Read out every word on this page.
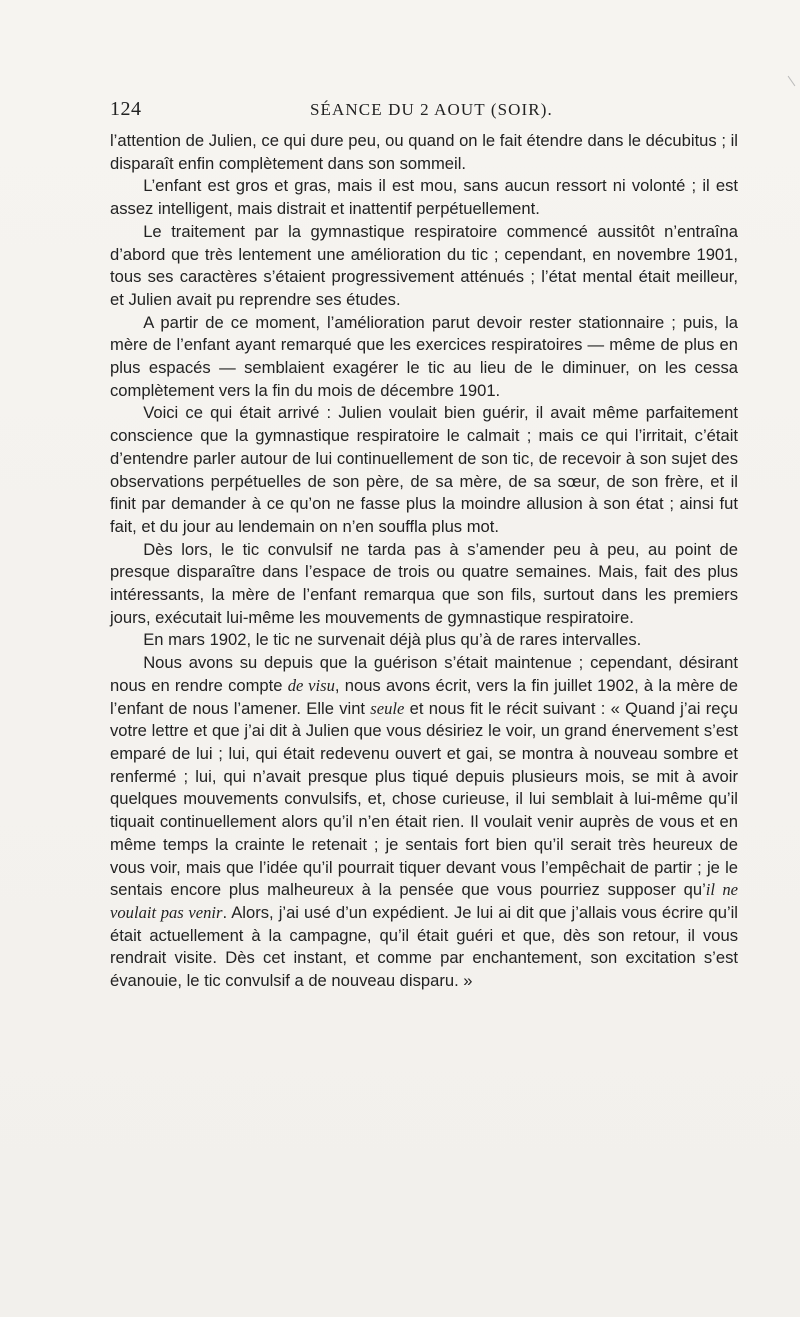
124	SÉANCE DU 2 AOUT (SOIR).

l’attention de Julien, ce qui dure peu, ou quand on le fait étendre dans le décubitus ; il disparaît enfin complètement dans son sommeil.

L’enfant est gros et gras, mais il est mou, sans aucun ressort ni volonté ; il est assez intelligent, mais distrait et inattentif perpétuellement.

Le traitement par la gymnastique respiratoire commencé aussitôt n’entraîna d’abord que très lentement une amélioration du tic ; cependant, en novembre 1901, tous ses caractères s’étaient progressivement atténués ; l’état mental était meilleur, et Julien avait pu reprendre ses études.

A partir de ce moment, l’amélioration parut devoir rester stationnaire ; puis, la mère de l’enfant ayant remarqué que les exercices respiratoires — même de plus en plus espacés — semblaient exagérer le tic au lieu de le diminuer, on les cessa complètement vers la fin du mois de décembre 1901.

Voici ce qui était arrivé : Julien voulait bien guérir, il avait même parfaitement conscience que la gymnastique respiratoire le calmait ; mais ce qui l’irritait, c’était d’entendre parler autour de lui continuellement de son tic, de recevoir à son sujet des observations perpétuelles de son père, de sa mère, de sa sœur, de son frère, et il finit par demander à ce qu’on ne fasse plus la moindre allusion à son état ; ainsi fut fait, et du jour au lendemain on n’en souffla plus mot.

Dès lors, le tic convulsif ne tarda pas à s’amender peu à peu, au point de presque disparaître dans l’espace de trois ou quatre semaines. Mais, fait des plus intéressants, la mère de l’enfant remarqua que son fils, surtout dans les premiers jours, exécutait lui-même les mouvements de gymnastique respiratoire.

En mars 1902, le tic ne survenait déjà plus qu’à de rares intervalles.

Nous avons su depuis que la guérison s’était maintenue ; cependant, désirant nous en rendre compte de visu, nous avons écrit, vers la fin juillet 1902, à la mère de l’enfant de nous l’amener. Elle vint seule et nous fit le récit suivant : « Quand j’ai reçu votre lettre et que j’ai dit à Julien que vous désiriez le voir, un grand énervement s’est emparé de lui ; lui, qui était redevenu ouvert et gai, se montra à nouveau sombre et renfermé ; lui, qui n’avait presque plus tiqué depuis plusieurs mois, se mit à avoir quelques mouvements convulsifs, et, chose curieuse, il lui semblait à lui-même qu’il tiquait continuellement alors qu’il n’en était rien. Il voulait venir auprès de vous et en même temps la crainte le retenait ; je sentais fort bien qu’il serait très heureux de vous voir, mais que l’idée qu’il pourrait tiquer devant vous l’empêchait de partir ; je le sentais encore plus malheureux à la pensée que vous pourriez supposer qu’il ne voulait pas venir. Alors, j’ai usé d’un expédient. Je lui ai dit que j’allais vous écrire qu’il était actuellement à la campagne, qu’il était guéri et que, dès son retour, il vous rendrait visite. Dès cet instant, et comme par enchantement, son excitation s’est évanouie, le tic convulsif a de nouveau disparu. »
